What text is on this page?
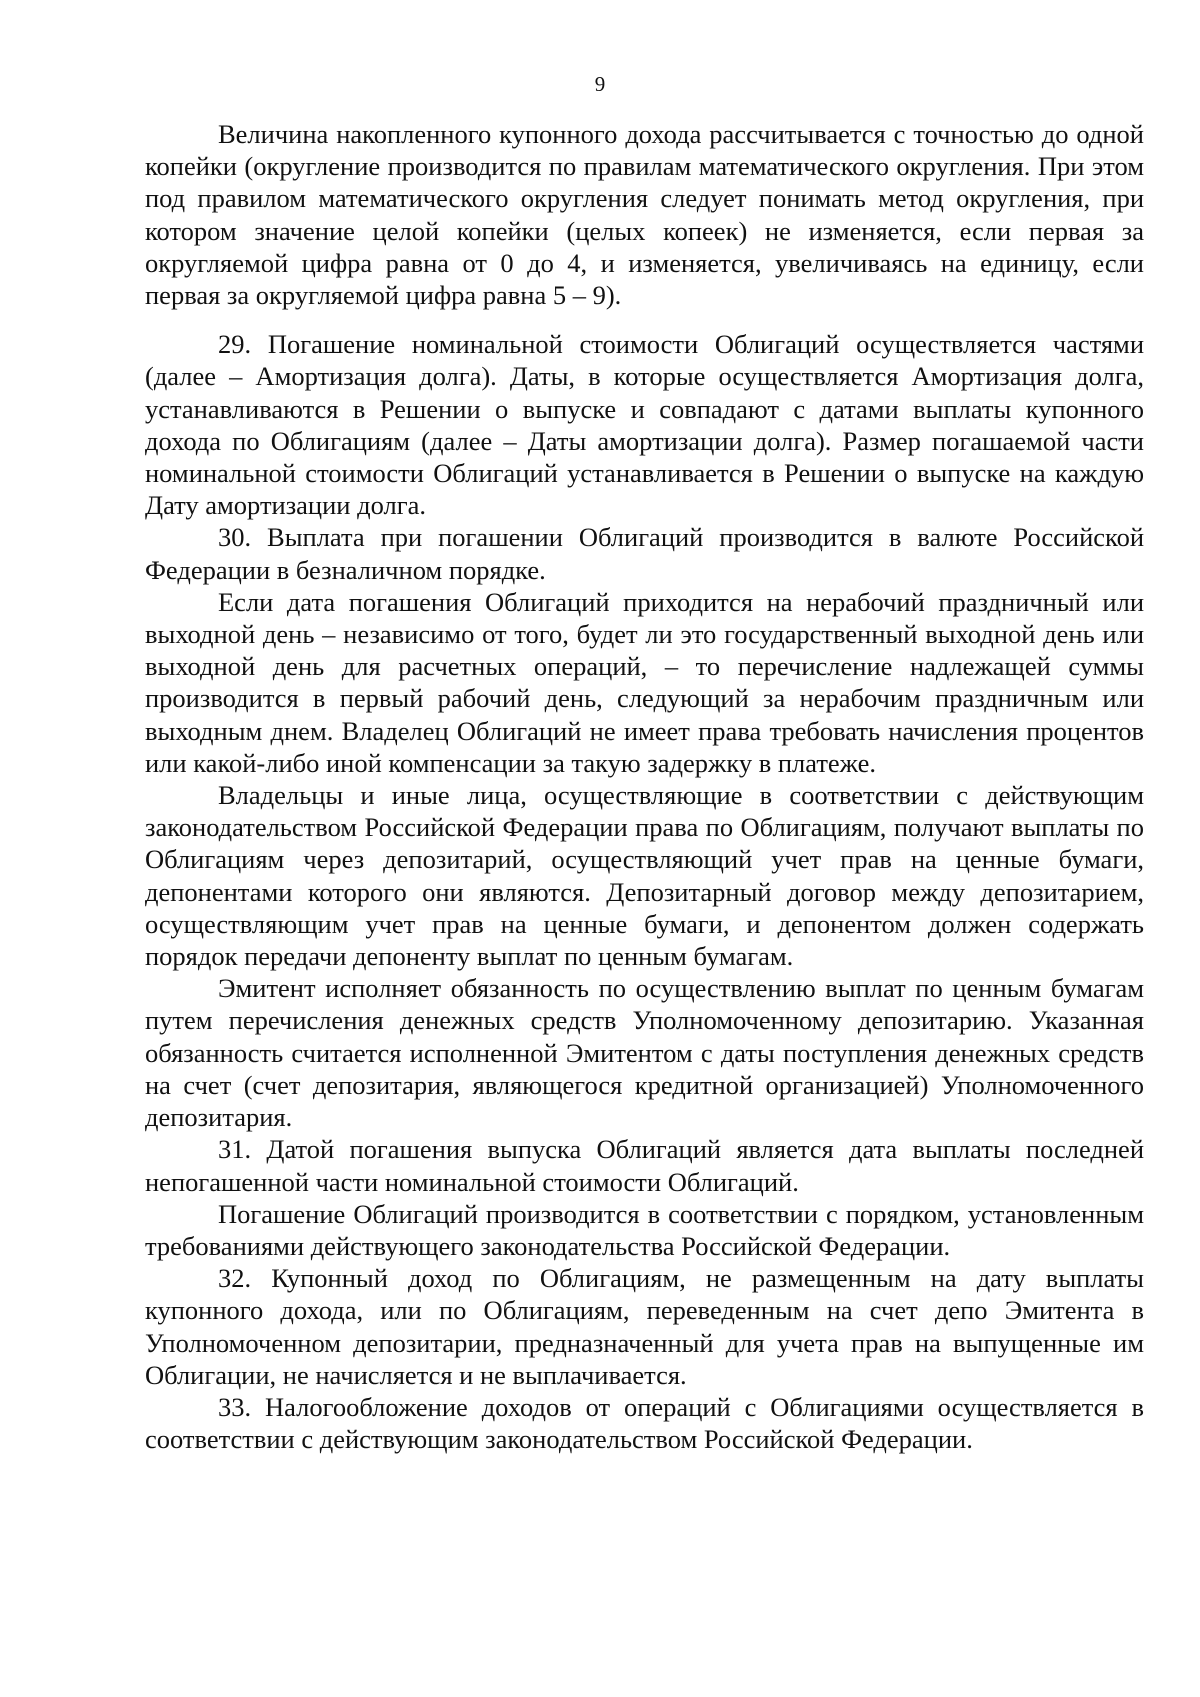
9

Величина накопленного купонного дохода рассчитывается с точностью до одной копейки (округление производится по правилам математического округления. При этом под правилом математического округления следует понимать метод округления, при котором значение целой копейки (целых копеек) не изменяется, если первая за округляемой цифра равна от 0 до 4, и изменяется, увеличиваясь на единицу, если первая за округляемой цифра равна 5 – 9).

29. Погашение номинальной стоимости Облигаций осуществляется частями (далее – Амортизация долга). Даты, в которые осуществляется Амортизация долга, устанавливаются в Решении о выпуске и совпадают с датами выплаты купонного дохода по Облигациям (далее – Даты амортизации долга). Размер погашаемой части номинальной стоимости Облигаций устанавливается в Решении о выпуске на каждую Дату амортизации долга.

30. Выплата при погашении Облигаций производится в валюте Российской Федерации в безналичном порядке.

Если дата погашения Облигаций приходится на нерабочий праздничный или выходной день – независимо от того, будет ли это государственный выходной день или выходной день для расчетных операций, – то перечисление надлежащей суммы производится в первый рабочий день, следующий за нерабочим праздничным или выходным днем. Владелец Облигаций не имеет права требовать начисления процентов или какой-либо иной компенсации за такую задержку в платеже.

Владельцы и иные лица, осуществляющие в соответствии с действующим законодательством Российской Федерации права по Облигациям, получают выплаты по Облигациям через депозитарий, осуществляющий учет прав на ценные бумаги, депонентами которого они являются. Депозитарный договор между депозитарием, осуществляющим учет прав на ценные бумаги, и депонентом должен содержать порядок передачи депоненту выплат по ценным бумагам.

Эмитент исполняет обязанность по осуществлению выплат по ценным бумагам путем перечисления денежных средств Уполномоченному депозитарию. Указанная обязанность считается исполненной Эмитентом с даты поступления денежных средств на счет (счет депозитария, являющегося кредитной организацией) Уполномоченного депозитария.

31. Датой погашения выпуска Облигаций является дата выплаты последней непогашенной части номинальной стоимости Облигаций.

Погашение Облигаций производится в соответствии с порядком, установленным требованиями действующего законодательства Российской Федерации.

32. Купонный доход по Облигациям, не размещенным на дату выплаты купонного дохода, или по Облигациям, переведенным на счет депо Эмитента в Уполномоченном депозитарии, предназначенный для учета прав на выпущенные им Облигации, не начисляется и не выплачивается.

33. Налогообложение доходов от операций с Облигациями осуществляется в соответствии с действующим законодательством Российской Федерации.
